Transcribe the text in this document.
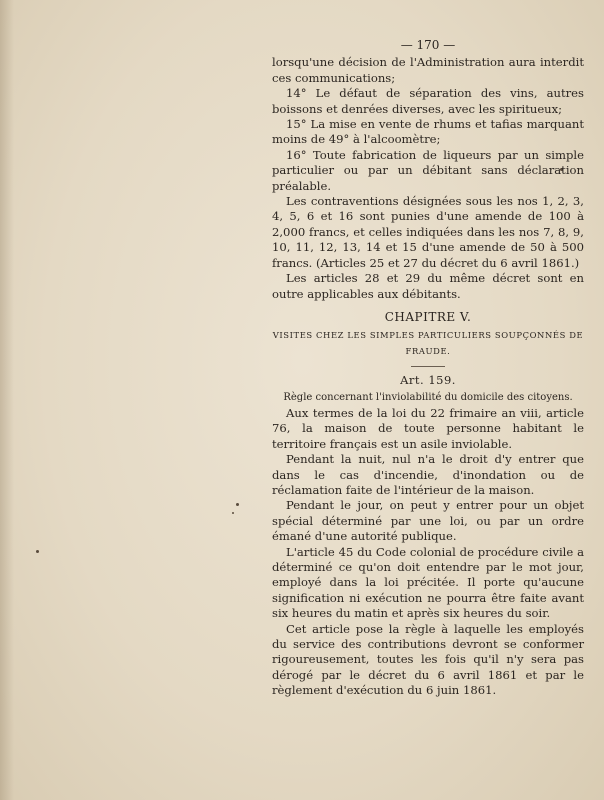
— 170 —

lorsqu'une décision de l'Administration aura interdit ces communications;

14° Le défaut de séparation des vins, autres boissons et denrées diverses, avec les spiritueux;

15° La mise en vente de rhums et tafias marquant moins de 49° à l'alcoomètre;

16° Toute fabrication de liqueurs par un simple particulier ou par un débitant sans déclaration préalable.

Les contraventions désignées sous les nos 1, 2, 3, 4, 5, 6 et 16 sont punies d'une amende de 100 à 2,000 francs, et celles indiquées dans les nos 7, 8, 9, 10, 11, 12, 13, 14 et 15 d'une amende de 50 à 500 francs. (Articles 25 et 27 du décret du 6 avril 1861.)

Les articles 28 et 29 du même décret sont en outre applicables aux débitants.

CHAPITRE V.
VISITES CHEZ LES SIMPLES PARTICULIERS SOUPÇONNÉS DE FRAUDE.
Art. 159.
Règle concernant l'inviolabilité du domicile des citoyens.

Aux termes de la loi du 22 frimaire an viii, article 76, la maison de toute personne habitant le territoire français est un asile inviolable.

Pendant la nuit, nul n'a le droit d'y entrer que dans le cas d'incendie, d'inondation ou de réclamation faite de l'intérieur de la maison.

Pendant le jour, on peut y entrer pour un objet spécial déterminé par une loi, ou par un ordre émané d'une autorité publique.

L'article 45 du Code colonial de procédure civile a déterminé ce qu'on doit entendre par le mot jour, employé dans la loi précitée. Il porte qu'aucune signification ni exécution ne pourra être faite avant six heures du matin et après six heures du soir.

Cet article pose la règle à laquelle les employés du service des contributions devront se conformer rigoureusement, toutes les fois qu'il n'y sera pas dérogé par le décret du 6 avril 1861 et par le règlement d'exécution du 6 juin 1861.
